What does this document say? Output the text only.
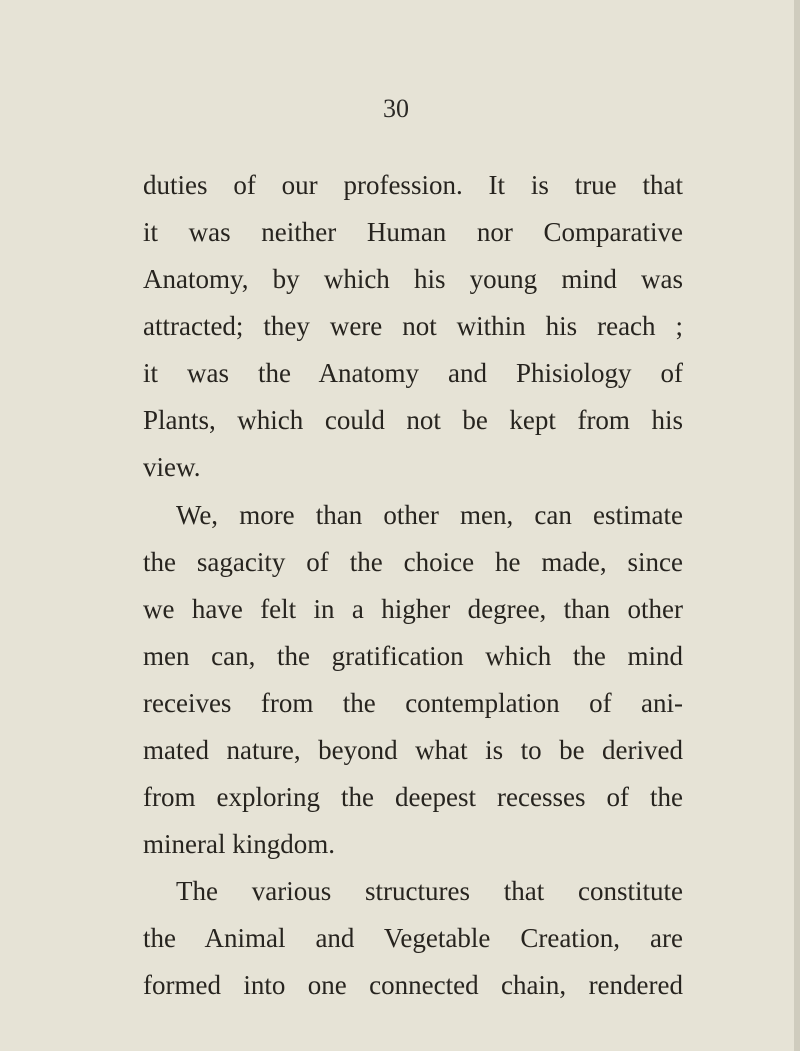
30
duties of our profession. It is true that
it was neither Human nor Comparative
Anatomy, by which his young mind was
attracted; they were not within his reach ;
it was the Anatomy and Phisiology of
Plants, which could not be kept from his
view.
We, more than other men, can estimate
the sagacity of the choice he made, since
we have felt in a higher degree, than other
men can, the gratification which the mind
receives from the contemplation of ani-
mated nature, beyond what is to be derived
from exploring the deepest recesses of the
mineral kingdom.
The various structures that constitute
the Animal and Vegetable Creation, are
formed into one connected chain, rendered
